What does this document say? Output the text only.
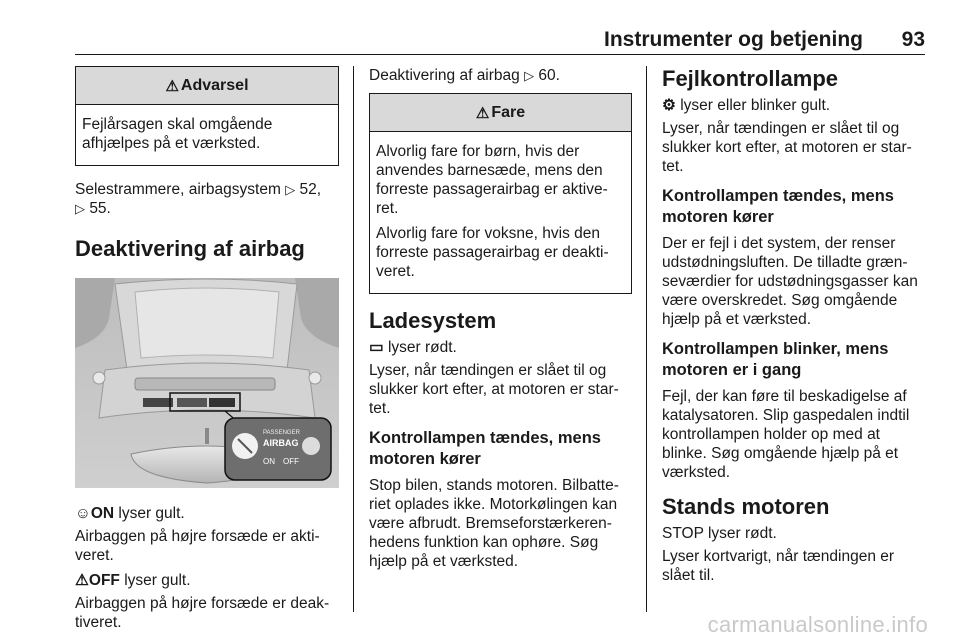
Instrumenter og betjening 93
⚠ Advarsel
Fejlårsagen skal omgående afhjælpes på et værksted.
Selestrammere, airbagsystem ▷ 52,
▷ 55.
Deaktivering af airbag
PASSENGER
AIRBAG
ON OFF
☺ON lyser gult.
Airbaggen på højre forsæde er akti-veret.
⚠OFF lyser gult.
Airbaggen på højre forsæde er deak-tiveret.
Deaktivering af airbag ▷ 60.
⚠ Fare
Alvorlig fare for børn, hvis der anvendes barnesæde, mens den forreste passagerairbag er aktive-ret.
Alvorlig fare for voksne, hvis den forreste passagerairbag er deakti-veret.
Ladesystem
▭ lyser rødt.
Lyser, når tændingen er slået til og slukker kort efter, at motoren er star-tet.
Kontrollampen tændes, mens motoren kører
Stop bilen, stands motoren. Bilbatte-riet oplades ikke. Motorkølingen kan være afbrudt. Bremseforstærkeren-hedens funktion kan ophøre. Søg hjælp på et værksted.
Fejlkontrollampe
⚙ lyser eller blinker gult.
Lyser, når tændingen er slået til og slukker kort efter, at motoren er star-tet.
Kontrollampen tændes, mens motoren kører
Der er fejl i det system, der renser udstødningsluften. De tilladte græn-seværdier for udstødningsgasser kan være overskredet. Søg omgående hjælp på et værksted.
Kontrollampen blinker, mens motoren er i gang
Fejl, der kan føre til beskadigelse af katalysatoren. Slip gaspedalen indtil kontrollampen holder op med at blinke. Søg omgående hjælp på et værksted.
Stands motoren
STOP lyser rødt.
Lyser kortvarigt, når tændingen er slået til.
carmanualsonline.info
